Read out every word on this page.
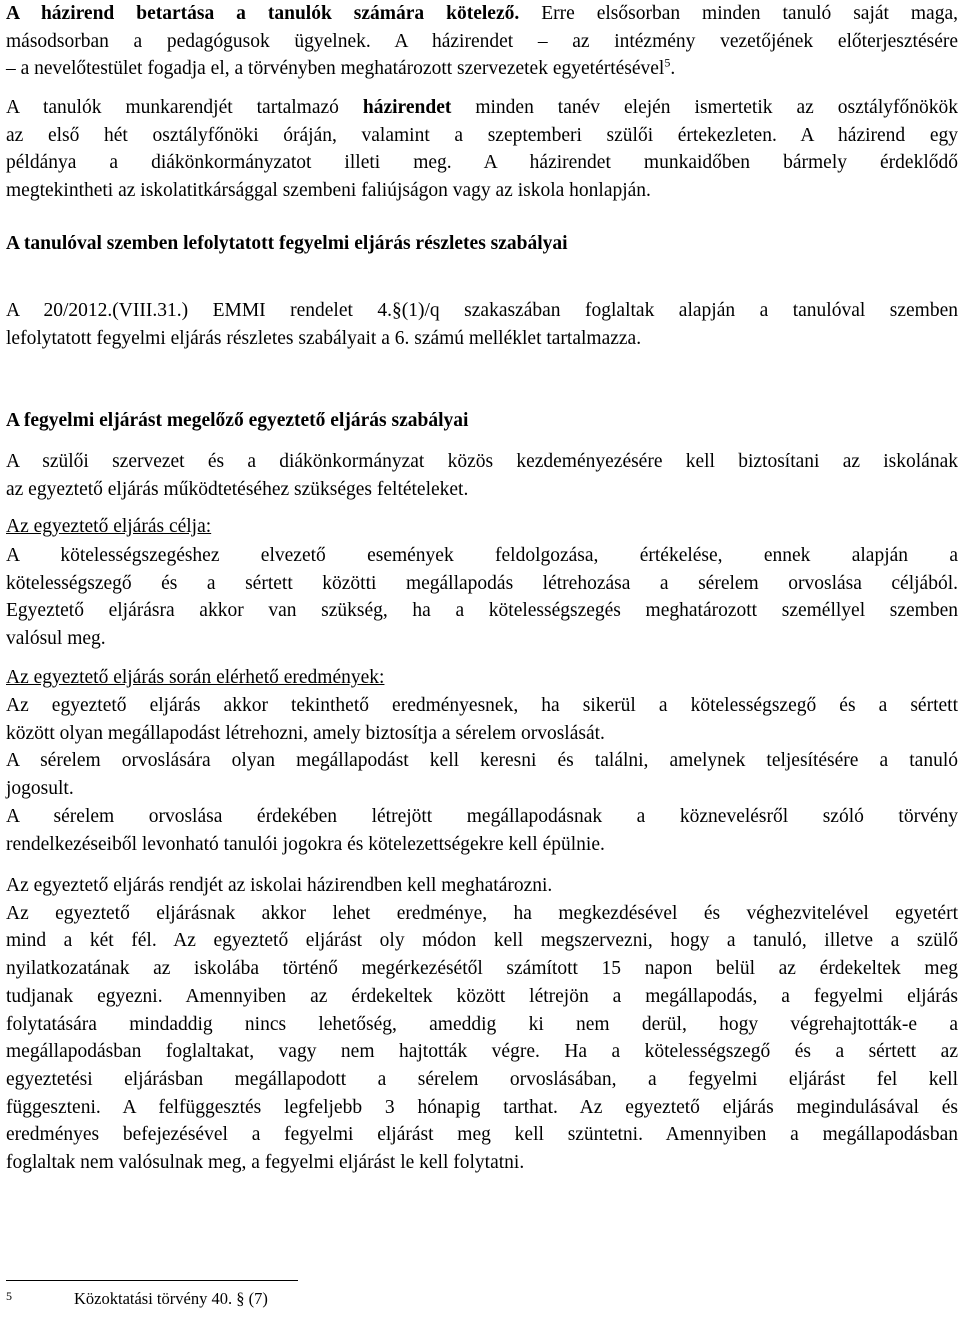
A házirend betartása a tanulók számára kötelező. Erre elsősorban minden tanuló saját maga,
másodsorban a pedagógusok ügyelnek. A házirendet – az intézmény vezetőjének előterjesztésére
– a nevelőtestület fogadja el, a törvényben meghatározott szervezetek egyetértésével$^5$.
A tanulók munkarendjét tartalmazó házirendet minden tanév elején ismertetik az osztályfőnökök
az első hét osztályfőnöki óráján, valamint a szeptemberi szülői értekezleten. A házirend egy
példánya a diákönkormányzatot illeti meg. A házirendet munkaidőben bármely érdeklődő
megtekintheti az iskolatitkársággal szembeni faliújságon vagy az iskola honlapján.
A tanulóval szemben lefolytatott fegyelmi eljárás részletes szabályai
A 20/2012.(VIII.31.) EMMI rendelet 4.§(1)/q szakaszában foglaltak alapján a tanulóval szemben
lefolytatott fegyelmi eljárás részletes szabályait a 6. számú melléklet tartalmazza.
A fegyelmi eljárást megelőző egyeztető eljárás szabályai
A szülői szervezet és a diákönkormányzat közös kezdeményezésére kell biztosítani az iskolának
az egyeztető eljárás működtetéséhez szükséges feltételeket.
Az egyeztető eljárás célja:
A kötelességszegéshez elvezető események feldolgozása, értékelése, ennek alapján a
kötelességszegő és a sértett közötti megállapodás létrehozása a sérelem orvoslása céljából.
Egyeztető eljárásra akkor van szükség, ha a kötelességszegés meghatározott személlyel szemben
valósul meg.
Az egyeztető eljárás során elérhető eredmények:
Az egyeztető eljárás akkor tekinthető eredményesnek, ha sikerül a kötelességszegő és a sértett
között olyan megállapodást létrehozni, amely biztosítja a sérelem orvoslását.
A sérelem orvoslására olyan megállapodást kell keresni és találni, amelynek teljesítésére a tanuló
jogosult.
A sérelem orvoslása érdekében létrejött megállapodásnak a köznevelésről szóló törvény
rendelkezéseiből levonható tanulói jogokra és kötelezettségekre kell épülnie.
Az egyeztető eljárás rendjét az iskolai házirendben kell meghatározni.
Az egyeztető eljárásnak akkor lehet eredménye, ha megkezdésével és véghezvitelével egyetért
mind a két fél. Az egyeztető eljárást oly módon kell megszervezni, hogy a tanuló, illetve a szülő
nyilatkozatának az iskolába történő megérkezésétől számított 15 napon belül az érdekeltek meg
tudjanak egyezni. Amennyiben az érdekeltek között létrejön a megállapodás, a fegyelmi eljárás
folytatására mindaddig nincs lehetőség, ameddig ki nem derül, hogy végrehajtották-e a
megállapodásban foglaltakat, vagy nem hajtották végre. Ha a kötelességszegő és a sértett az
egyeztetési eljárásban megállapodott a sérelem orvoslásában, a fegyelmi eljárást fel kell
függeszteni. A felfüggesztés legfeljebb 3 hónapig tarthat. Az egyeztető eljárás megindulásával és
eredményes befejezésével a fegyelmi eljárást meg kell szüntetni. Amennyiben a megállapodásban
foglaltak nem valósulnak meg, a fegyelmi eljárást le kell folytatni.
$^5$	Közoktatási törvény 40. § (7)
